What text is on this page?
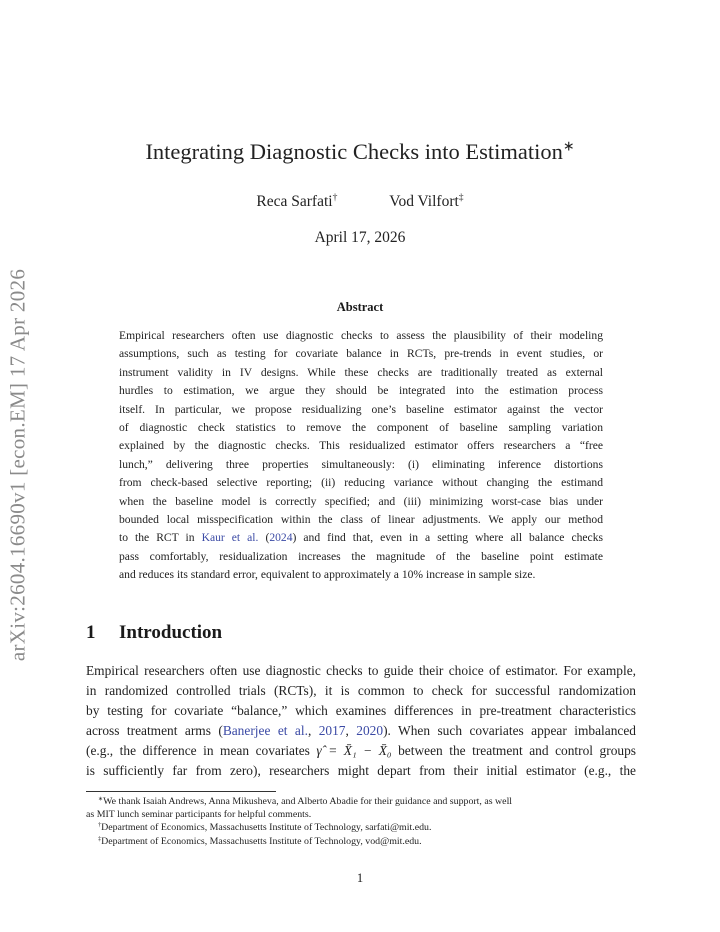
arXiv:2604.16690v1 [econ.EM] 17 Apr 2026
Integrating Diagnostic Checks into Estimation∗
Reca Sarfati†	Vod Vilfort‡
April 17, 2026
Abstract
Empirical researchers often use diagnostic checks to assess the plausibility of their modeling
assumptions, such as testing for covariate balance in RCTs, pre-trends in event studies, or
instrument validity in IV designs. While these checks are traditionally treated as external
hurdles to estimation, we argue they should be integrated into the estimation process
itself. In particular, we propose residualizing one’s baseline estimator against the vector
of diagnostic check statistics to remove the component of baseline sampling variation
explained by the diagnostic checks. This residualized estimator offers researchers a “free
lunch,” delivering three properties simultaneously: (i) eliminating inference distortions
from check-based selective reporting; (ii) reducing variance without changing the estimand
when the baseline model is correctly specified; and (iii) minimizing worst-case bias under
bounded local misspecification within the class of linear adjustments. We apply our method
to the RCT in Kaur et al. (2024) and find that, even in a setting where all balance checks
pass comfortably, residualization increases the magnitude of the baseline point estimate
and reduces its standard error, equivalent to approximately a 10% increase in sample size.
1 Introduction
Empirical researchers often use diagnostic checks to guide their choice of estimator. For example,
in randomized controlled trials (RCTs), it is common to check for successful randomization
by testing for covariate “balance,” which examines differences in pre-treatment characteristics
across treatment arms (Banerjee et al., 2017, 2020). When such covariates appear imbalanced
(e.g., the difference in mean covariates γ̂ = X̄₁ − X̄₀ between the treatment and control groups
is sufficiently far from zero), researchers might depart from their initial estimator (e.g., the
∗We thank Isaiah Andrews, Anna Mikusheva, and Alberto Abadie for their guidance and support, as well
as MIT lunch seminar participants for helpful comments.
†Department of Economics, Massachusetts Institute of Technology, sarfati@mit.edu.
‡Department of Economics, Massachusetts Institute of Technology, vod@mit.edu.
1
